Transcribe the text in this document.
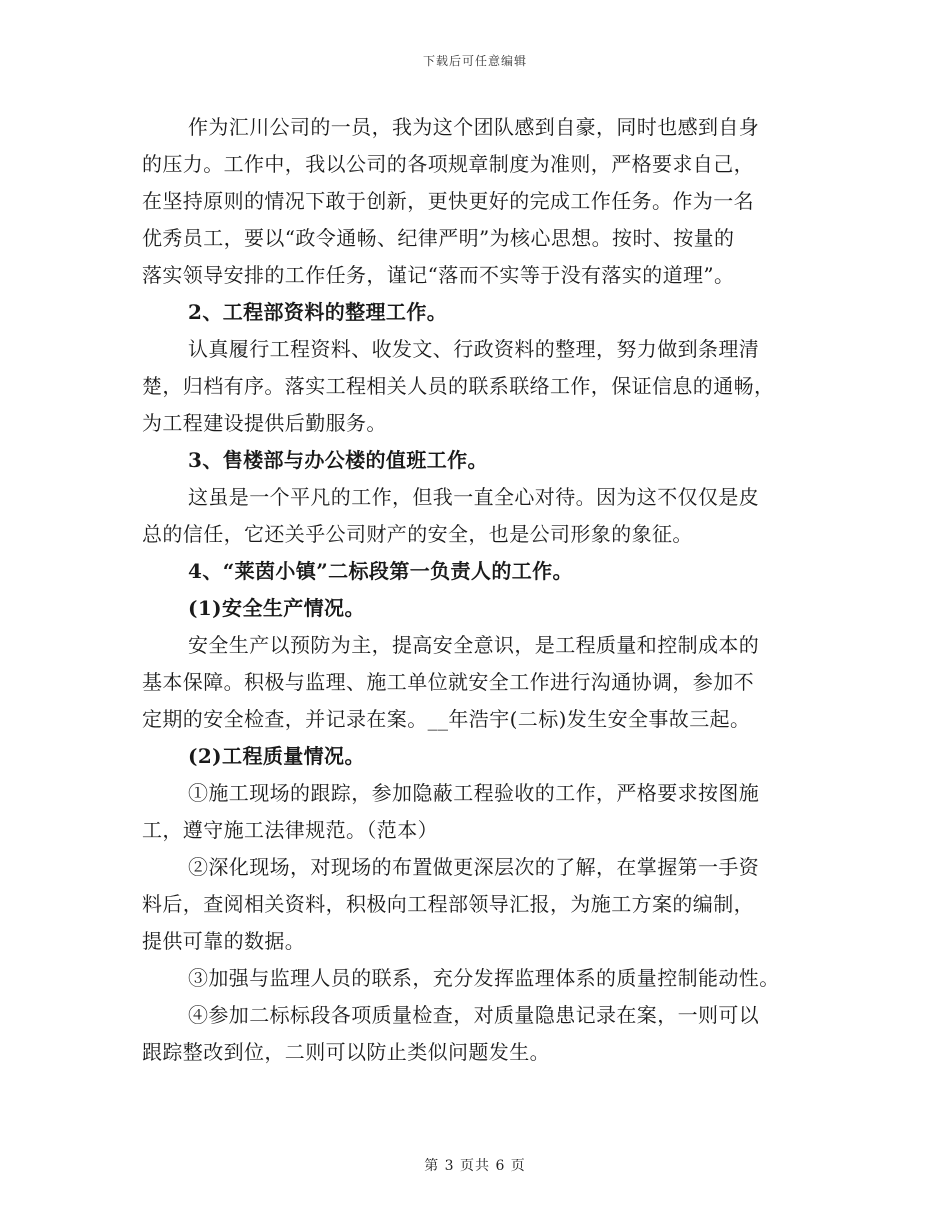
下载后可任意编辑
作为汇川公司的一员，我为这个团队感到自豪，同时也感到自身
的压力。工作中，我以公司的各项规章制度为准则，严格要求自己，
在坚持原则的情况下敢于创新，更快更好的完成工作任务。作为一名
优秀员工，要以“政令通畅、纪律严明”为核心思想。按时、按量的
落实领导安排的工作任务，谨记“落而不实等于没有落实的道理”。
2、工程部资料的整理工作。
认真履行工程资料、收发文、行政资料的整理，努力做到条理清
楚，归档有序。落实工程相关人员的联系联络工作，保证信息的通畅，
为工程建设提供后勤服务。
3、售楼部与办公楼的值班工作。
这虽是一个平凡的工作，但我一直全心对待。因为这不仅仅是皮
总的信任，它还关乎公司财产的安全，也是公司形象的象征。
4、“莱茵小镇”二标段第一负责人的工作。
(1)安全生产情况。
安全生产以预防为主，提高安全意识，是工程质量和控制成本的
基本保障。积极与监理、施工单位就安全工作进行沟通协调，参加不
定期的安全检查，并记录在案。__年浩宇(二标)发生安全事故三起。
(2)工程质量情况。
①施工现场的跟踪，参加隐蔽工程验收的工作，严格要求按图施
工，遵守施工法律规范。（范本）
②深化现场，对现场的布置做更深层次的了解，在掌握第一手资
料后，查阅相关资料，积极向工程部领导汇报，为施工方案的编制，
提供可靠的数据。
③加强与监理人员的联系，充分发挥监理体系的质量控制能动性。
④参加二标标段各项质量检查，对质量隐患记录在案，一则可以
跟踪整改到位，二则可以防止类似问题发生。
第 3 页共 6 页
